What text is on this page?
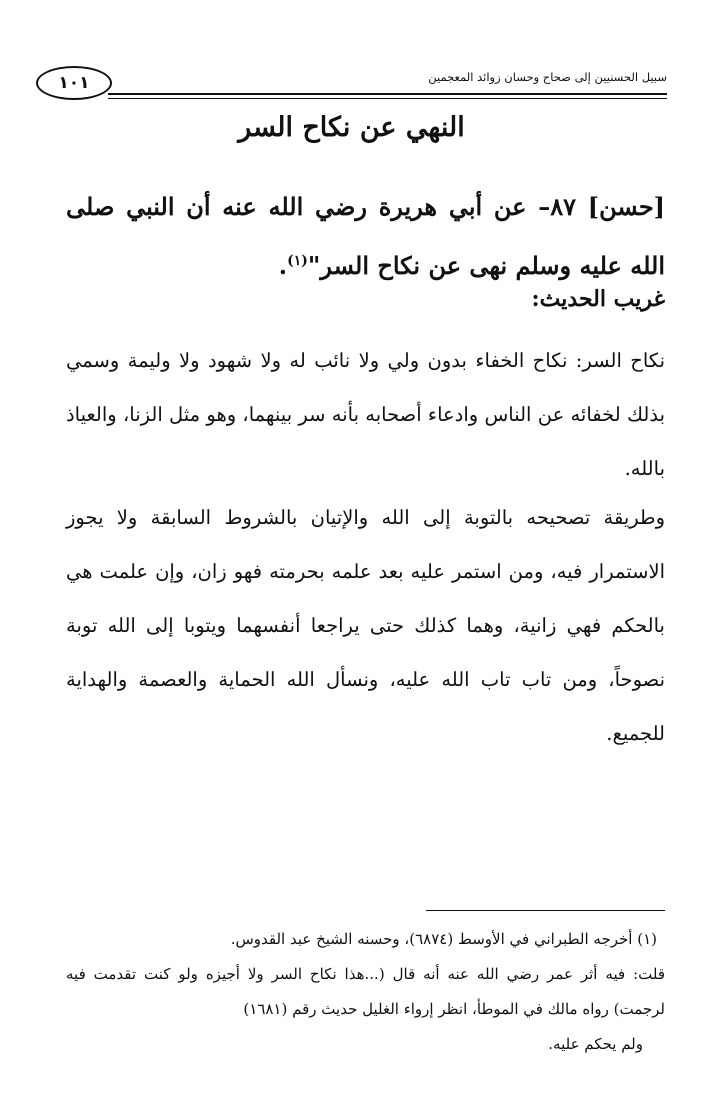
١٠١	سبيل الحسنيين إلى صحاح وحسان زوائد المعجمين
النهي عن نكاح السر
[حسن] ٨٧– عن أبي هريرة رضي الله عنه أن النبي صلى الله عليه وسلم نهى عن نكاح السر"$^{(١)}$.
غريب الحديث:
نكاح السر: نكاح الخفاء بدون ولي ولا نائب له ولا شهود ولا وليمة وسمي بذلك لخفائه عن الناس وادعاء أصحابه بأنه سر بينهما، وهو مثل الزنا، والعياذ بالله.
وطريقة تصحيحه بالتوبة إلى الله والإتيان بالشروط السابقة ولا يجوز الاستمرار فيه، ومن استمر عليه بعد علمه بحرمته فهو زان، وإن علمت هي بالحكم فهي زانية، وهما كذلك حتى يراجعا أنفسهما ويتوبا إلى الله توبة نصوحاً، ومن تاب تاب الله عليه، ونسأل الله الحماية والعصمة والهداية للجميع.

(١) أخرجه الطبراني في الأوسط (٦٨٧٤)، وحسنه الشيخ عبد القدوس.

قلت: فيه أثر عمر رضي الله عنه أنه قال (...هذا نكاح السر ولا أجيزه ولو كنت تقدمت فيه لرجمت) رواه مالك في الموطأ، انظر إرواء الغليل حديث رقم (١٦٨١)

ولم يحكم عليه.
